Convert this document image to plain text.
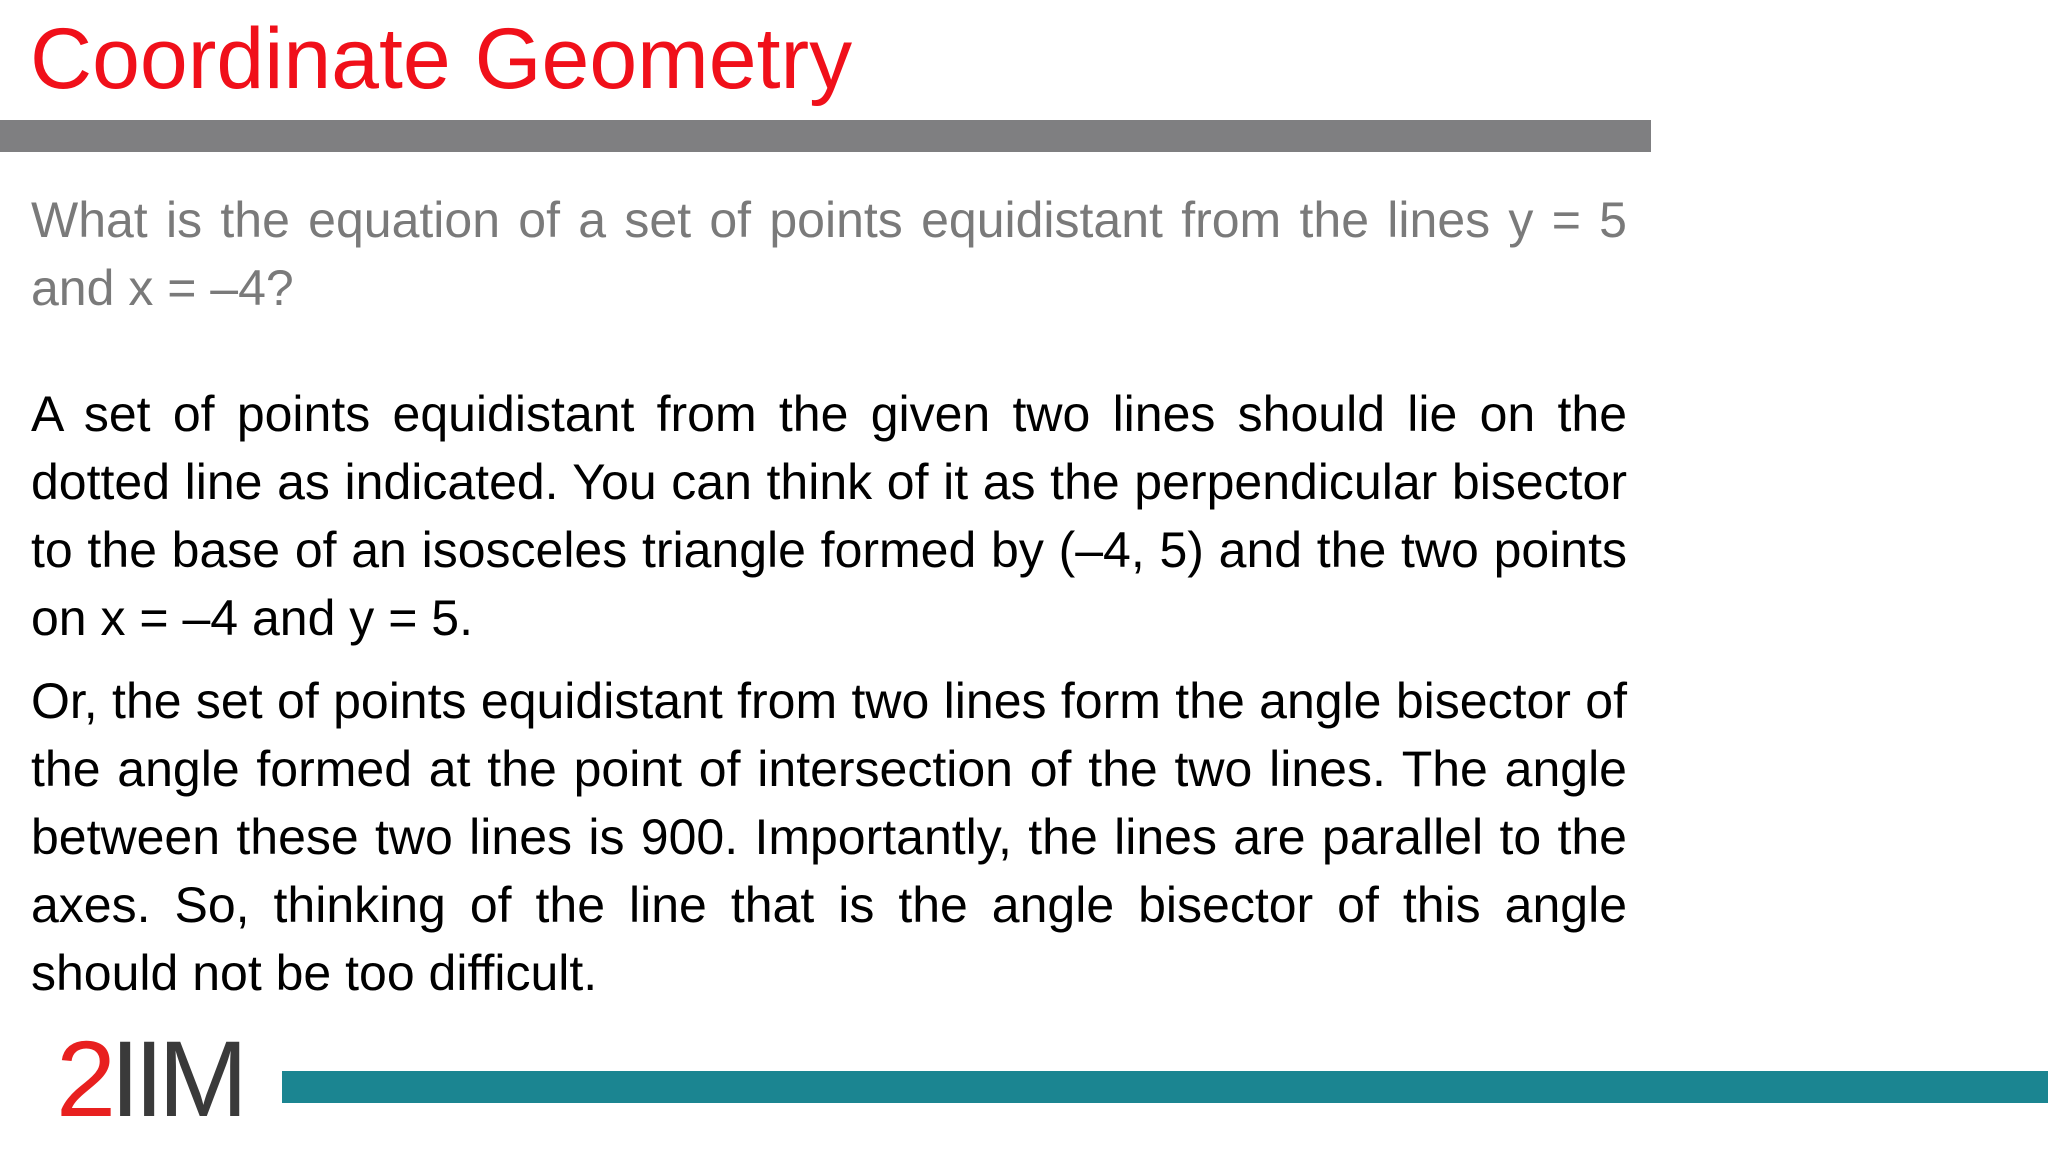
Coordinate Geometry

What is the equation of a set of points equidistant from the lines y = 5 and x = –4?

A set of points equidistant from the given two lines should lie on the dotted line as indicated. You can think of it as the perpendicular bisector to the base of an isosceles triangle formed by (–4, 5) and the two points on x = –4 and y = 5.

Or, the set of points equidistant from two lines form the angle bisector of the angle formed at the point of intersection of the two lines. The angle between these two lines is 900. Importantly, the lines are parallel to the axes. So, thinking of the line that is the angle bisector of this angle should not be too difficult.

2 IIM
